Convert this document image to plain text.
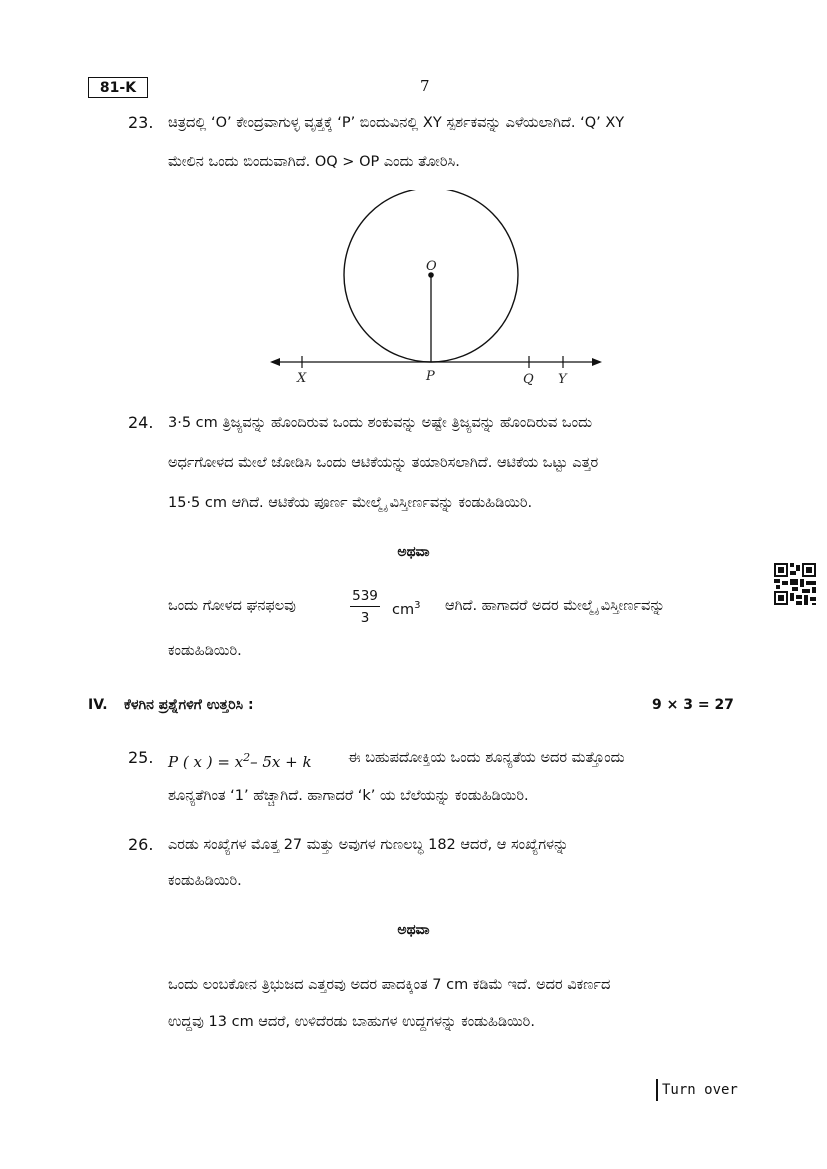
81-K	7
23. ಚಿತ್ರದಲ್ಲಿ ‘O’ ಕೇಂದ್ರವಾಗುಳ್ಳ ವೃತ್ತಕ್ಕೆ ‘P’ ಬಿಂದುವಿನಲ್ಲಿ XY ಸ್ಪರ್ಶಕವನ್ನು ಎಳೆಯಲಾಗಿದೆ. ‘Q’ XY
ಮೇಲಿನ ಒಂದು ಬಿಂದುವಾಗಿದೆ. OQ > OP ಎಂದು ತೋರಿಸಿ.
O
X	P	Q Y
24. 3·5 cm ತ್ರಿಜ್ಯವನ್ನು ಹೊಂದಿರುವ ಒಂದು ಶಂಕುವನ್ನು ಅಷ್ಟೇ ತ್ರಿಜ್ಯವನ್ನು ಹೊಂದಿರುವ ಒಂದು
ಅರ್ಧಗೋಳದ ಮೇಲೆ ಜೋಡಿಸಿ ಒಂದು ಆಟಿಕೆಯನ್ನು ತಯಾರಿಸಲಾಗಿದೆ. ಆಟಿಕೆಯ ಒಟ್ಟು ಎತ್ತರ
15·5 cm ಆಗಿದೆ. ಆಟಿಕೆಯ ಪೂರ್ಣ ಮೇಲ್ಮೈ ವಿಸ್ತೀರ್ಣವನ್ನು ಕಂಡುಹಿಡಿಯಿರಿ.
ಅಥವಾ
ಒಂದು ಗೋಳದ ಘನಫಲವು	$\frac{539}{3} cm^3$ ಆಗಿದೆ. ಹಾಗಾದರೆ ಅದರ ಮೇಲ್ಮೈ ವಿಸ್ತೀರ್ಣವನ್ನು
ಕಂಡುಹಿಡಿಯಿರಿ.
IV. ಕೆಳಗಿನ ಪ್ರಶ್ನೆಗಳಿಗೆ ಉತ್ತರಿಸಿ :	9 × 3 = 27
25. P ( x ) = $x^2-$ 5x + k	ಈ ಬಹುಪದೋಕ್ತಿಯ ಒಂದು ಶೂನ್ಯತೆಯ ಅದರ ಮತ್ತೊಂದು
ಶೂನ್ಯತೆಗಿಂತ ‘1’ ಹೆಚ್ಚಾಗಿದೆ. ಹಾಗಾದರೆ ‘k’ ಯ ಬೆಲೆಯನ್ನು ಕಂಡುಹಿಡಿಯಿರಿ.
26. ಎರಡು ಸಂಖ್ಯೆಗಳ ಮೊತ್ತ 27 ಮತ್ತು ಅವುಗಳ ಗುಣಲಬ್ಧ 182 ಆದರೆ, ಆ ಸಂಖ್ಯೆಗಳನ್ನು
ಕಂಡುಹಿಡಿಯಿರಿ.
ಅಥವಾ
ಒಂದು ಲಂಬಕೋನ ತ್ರಿಭುಜದ ಎತ್ತರವು ಅದರ ಪಾದಕ್ಕಿಂತ 7 cm ಕಡಿಮೆ ಇದೆ. ಅದರ ವಿಕರ್ಣದ
ಉದ್ದವು 13 cm ಆದರೆ, ಉಳಿದೆರಡು ಬಾಹುಗಳ ಉದ್ದಗಳನ್ನು ಕಂಡುಹಿಡಿಯಿರಿ.
Turn over
